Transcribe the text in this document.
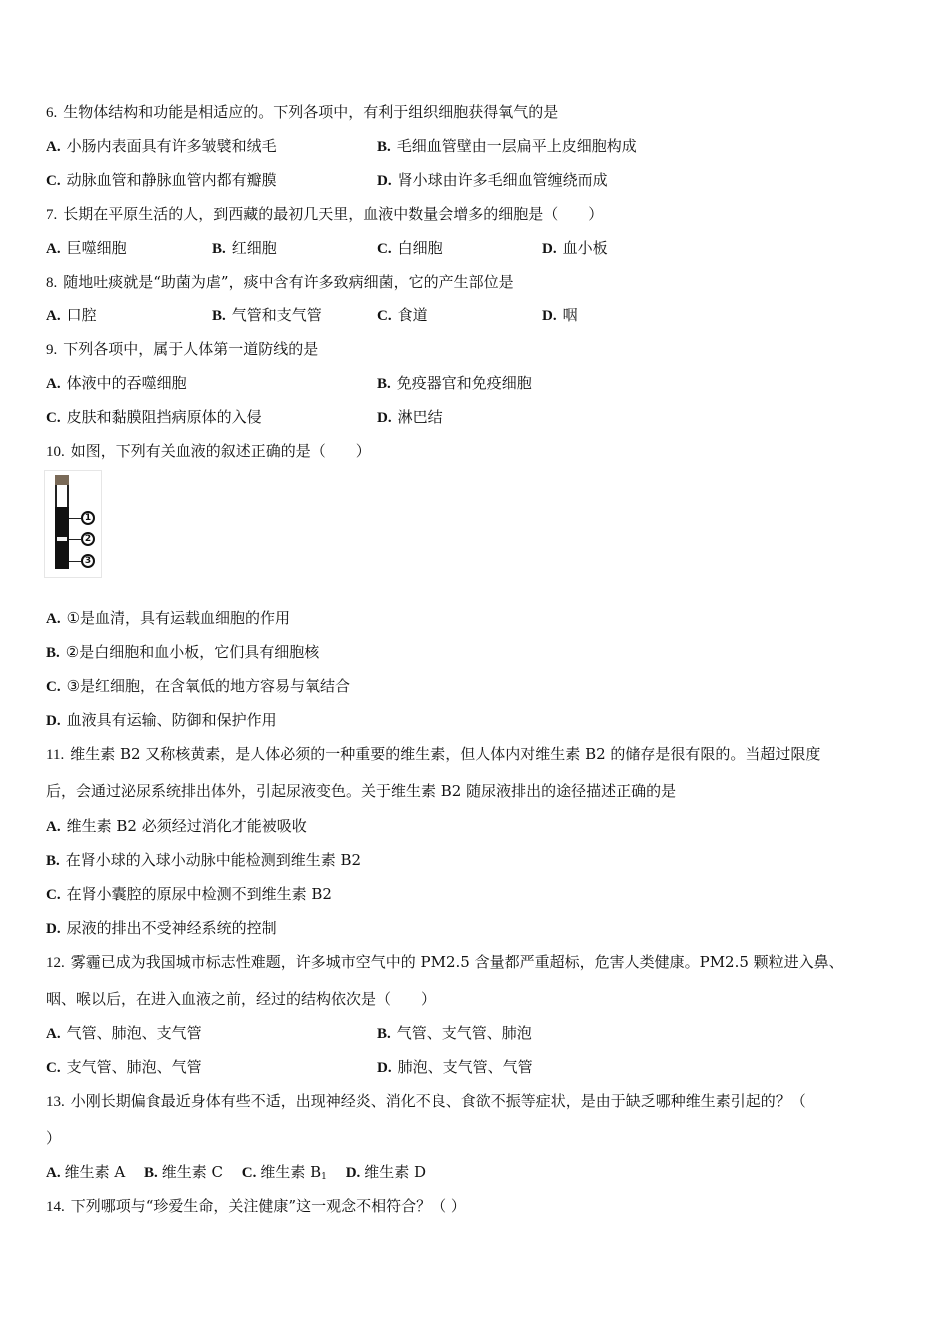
6. 生物体结构和功能是相适应的。下列各项中，有利于组织细胞获得氧气的是
A. 小肠内表面具有许多皱襞和绒毛	B. 毛细血管壁由一层扁平上皮细胞构成
C. 动脉血管和静脉血管内都有瓣膜	D. 肾小球由许多毛细血管缠绕而成
7. 长期在平原生活的人，到西藏的最初几天里，血液中数量会增多的细胞是（　　）
A. 巨噬细胞	B. 红细胞	C. 白细胞	D. 血小板
8. 随地吐痰就是“助菌为虐”，痰中含有许多致病细菌，它的产生部位是
A. 口腔	B. 气管和支气管	C. 食道	D. 咽
9. 下列各项中，属于人体第一道防线的是
A. 体液中的吞噬细胞	B. 免疫器官和免疫细胞
C. 皮肤和黏膜阻挡病原体的入侵	D. 淋巴结
10. 如图，下列有关血液的叙述正确的是（　　）
1
2
3
A. ①是血清，具有运载血细胞的作用
B. ②是白细胞和血小板，它们具有细胞核
C. ③是红细胞，在含氧低的地方容易与氧结合
D. 血液具有运输、防御和保护作用
11. 维生素 B2 又称核黄素，是人体必须的一种重要的维生素，但人体内对维生素 B2 的储存是很有限的。当超过限度
后，会通过泌尿系统排出体外，引起尿液变色。关于维生素 B2 随尿液排出的途径描述正确的是
A. 维生素 B2 必须经过消化才能被吸收
B. 在肾小球的入球小动脉中能检测到维生素 B2
C. 在肾小囊腔的原尿中检测不到维生素 B2
D. 尿液的排出不受神经系统的控制
12. 雾霾已成为我国城市标志性难题，许多城市空气中的 PM2.5 含量都严重超标，危害人类健康。PM2.5 颗粒进入鼻、
咽、喉以后，在进入血液之前，经过的结构依次是（　　）
A. 气管、肺泡、支气管	B. 气管、支气管、肺泡
C. 支气管、肺泡、气管	D. 肺泡、支气管、气管
13. 小刚长期偏食最近身体有些不适，出现神经炎、消化不良、食欲不振等症状，是由于缺乏哪种维生素引起的？（
）
A. 维生素 A B. 维生素 C C. 维生素 $B_1$ D. 维生素 D
14. 下列哪项与“珍爱生命，关注健康”这一观念不相符合？（ ）
